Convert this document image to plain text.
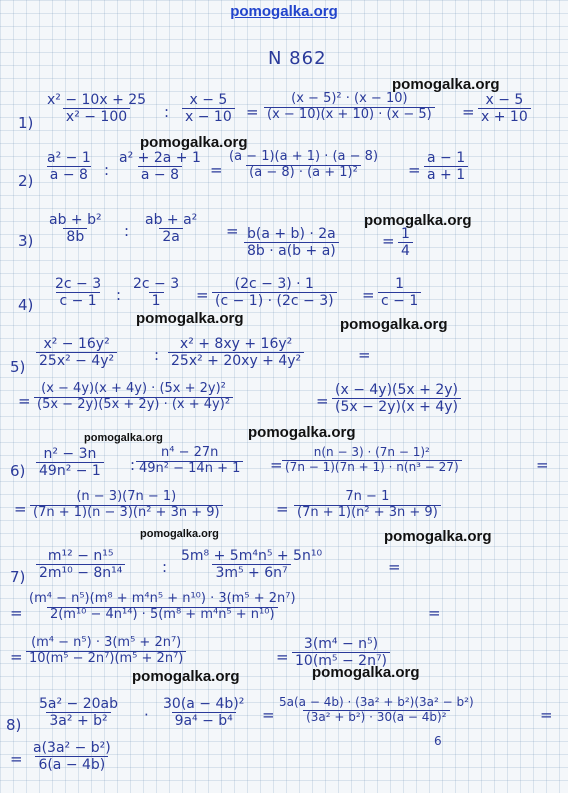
pomogalka.org
N 862
pomogalka.org
pomogalka.org
pomogalka.org
pomogalka.org	pomogalka.org
pomogalka.org	pomogalka.org
pomogalka.org	pomogalka.org
pomogalka.org	pomogalka.org
$1) \frac{\text{x² − 10x + 25}}{\text{x² − 100}}$ : $\frac{x - 5}{x - 10} = \frac{\text{(x − 5)² · (x − 10)}}{(x - 10)(x + 10) \cdot (x - 5)} = \frac{x - 5}{x + 10}$
$2) \frac{\text{a² − 1}}{a - 8}$ : $\frac{\text{a² + 2a + 1}}{a - 8} = \frac{(a - 1)(a + 1) \cdot (a - 8)}{\text{(a − 8) · (a + 1)²}} = \frac{a - 1}{a + 1}$
$3) \frac{\text{ab + b²}}{8b}$ : $\frac{\text{ab + a²}}{2a} = \frac{b(a + b) \cdot 2a}{8b \cdot a(b + a)}$	= $\frac{1}{4}$
$4) \frac{2c - 3}{c - 1}$ : $\frac{2c - 3}{1} = \frac{(2c - 3) \cdot 1}{(c - 1) \cdot (2c - 3)} = \frac{1}{c - 1}$
$5) \frac{\text{x² − 16y²}}{\text{25x² − 4y²}}$ : $\frac{\text{x² + 8xy + 16y²}}{\text{25x² + 20xy + 4y²}}$	=
= $\frac{\text{(x − 4y)(x + 4y) · (5x + 2y)²}}{\text{(5x − 2y)(5x + 2y) · (x + 4y)²}}$	= $\frac{(x - 4y)(5x + 2y)}{(5x - 2y)(x + 4y)}$
$6) \frac{\text{n² − 3n}}{\text{49n² − 1}}$ : $\frac{\text{n⁴ − 27n}}{\text{49n² − 14n + 1}} = \frac{\text{n(n − 3) · (7n − 1)²}}{\text{(7n − 1)(7n + 1) · n(n³ − 27)}}$	=
= $\frac{(n - 3)(7n - 1)}{\text{(7n + 1)(n − 3)(n² + 3n + 9)}}$	= $\frac{7n - 1}{\text{(7n + 1)(n² + 3n + 9)}}$
$7) \frac{\text{m¹² − n¹⁵}}{\text{2m¹⁰ − 8n¹⁴}}$ : $\frac{\text{5m⁸ + 5m⁴n⁵ + 5n¹⁰}}{\text{3m⁵ + 6n⁷}}$	=
= $\frac{\text{(m⁴ − n⁵)(m⁸ + m⁴n⁵ + n¹⁰) · 3(m⁵ + 2n⁷)}}{\text{2(m¹⁰ − 4n¹⁴) · 5(m⁸ + m⁴n⁵ + n¹⁰)}}$	=
= $\frac{\text{(m⁴ − n⁵) · 3(m⁵ + 2n⁷)}}{\text{10(m⁵ − 2n⁷)(m⁵ + 2n⁷)}}$	= $\frac{\text{3(m⁴ − n⁵)}}{\text{10(m⁵ − 2n⁷)}}$
$8) \frac{\text{5a² − 20ab}}{\text{3a² + b²}} \cdot \frac{\text{30(a − 4b)²}}{\text{9a⁴ − b⁴}} = \frac{\text{5a(a − 4b) · (3a² + b²)(3a² − b²)}}{\text{(3a² + b²) · 30(a − 4b)²}}$	=
6
= $\frac{\text{a(3a² − b²)}}{6(a - 4b)}$
